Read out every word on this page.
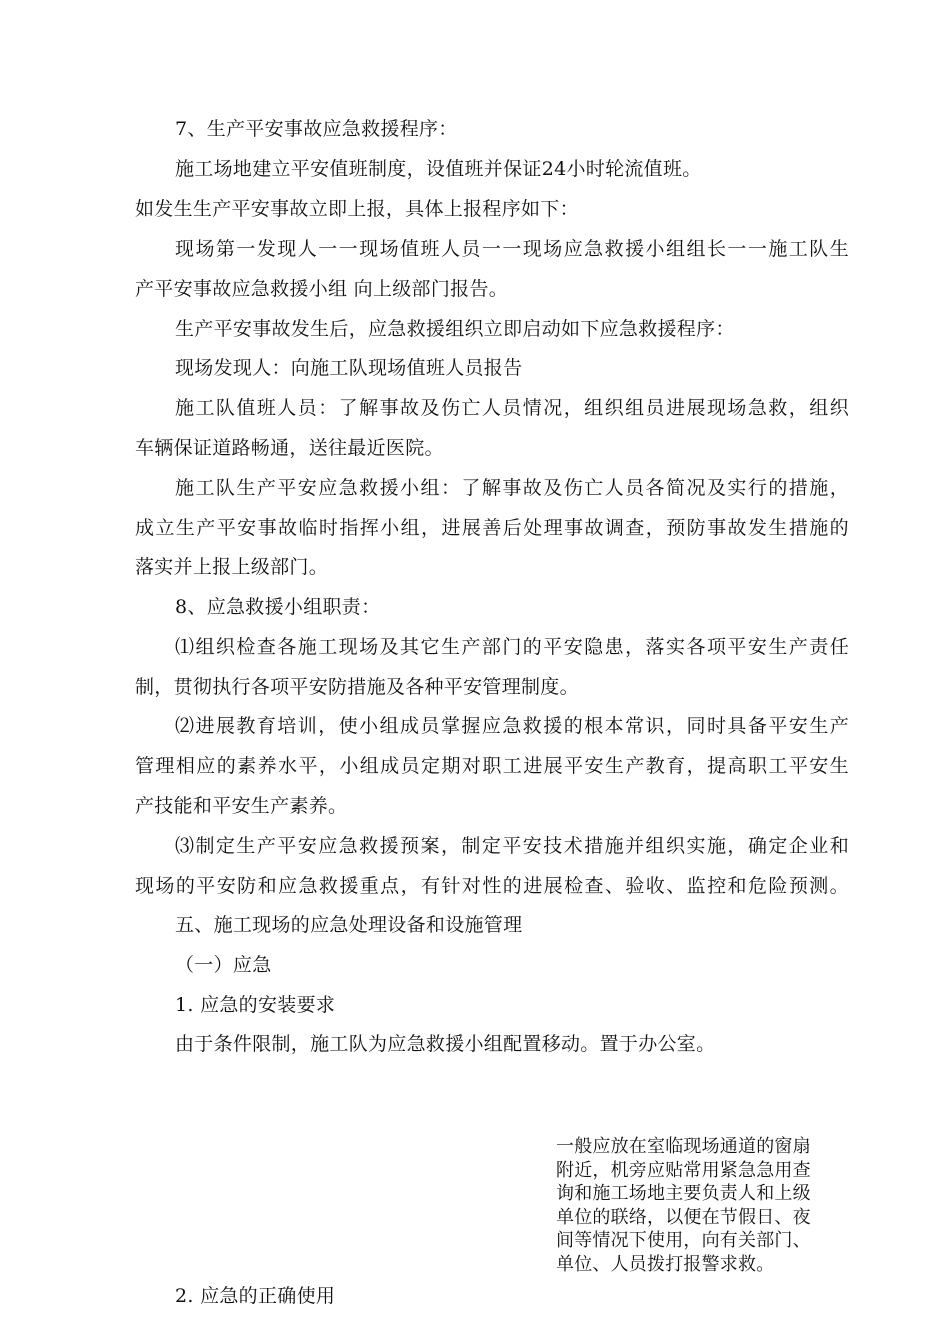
7、生产平安事故应急救援程序：
施工场地建立平安值班制度，设值班并保证24小时轮流值班。
如发生生产平安事故立即上报，具体上报程序如下：
现场第一发现人一一现场值班人员一一现场应急救援小组组长一一施工队生
产平安事故应急救援小组 向上级部门报告。
生产平安事故发生后，应急救援组织立即启动如下应急救援程序：
现场发现人：向施工队现场值班人员报告
施工队值班人员：了解事故及伤亡人员情况，组织组员进展现场急救，组织
车辆保证道路畅通，送往最近医院。
施工队生产平安应急救援小组：了解事故及伤亡人员各简况及实行的措施，
成立生产平安事故临时指挥小组，进展善后处理事故调查，预防事故发生措施的
落实并上报上级部门。
8、应急救援小组职责：
⑴组织检查各施工现场及其它生产部门的平安隐患，落实各项平安生产责任
制，贯彻执行各项平安防措施及各种平安管理制度。
⑵进展教育培训，使小组成员掌握应急救援的根本常识，同时具备平安生产
管理相应的素养水平，小组成员定期对职工进展平安生产教育，提高职工平安生
产技能和平安生产素养。
⑶制定生产平安应急救援预案，制定平安技术措施并组织实施，确定企业和
现场的平安防和应急救援重点，有针对性的进展检查、验收、监控和危险预测。
五、施工现场的应急处理设备和设施管理
（一）应急
1. 应急的安装要求
由于条件限制，施工队为应急救援小组配置移动。置于办公室。
一般应放在室临现场通道的窗扇
附近，机旁应贴常用紧急急用查
询和施工场地主要负责人和上级
单位的联络，以便在节假日、夜
间等情况下使用，向有关部门、
单位、人员拨打报警求救。
2. 应急的正确使用
